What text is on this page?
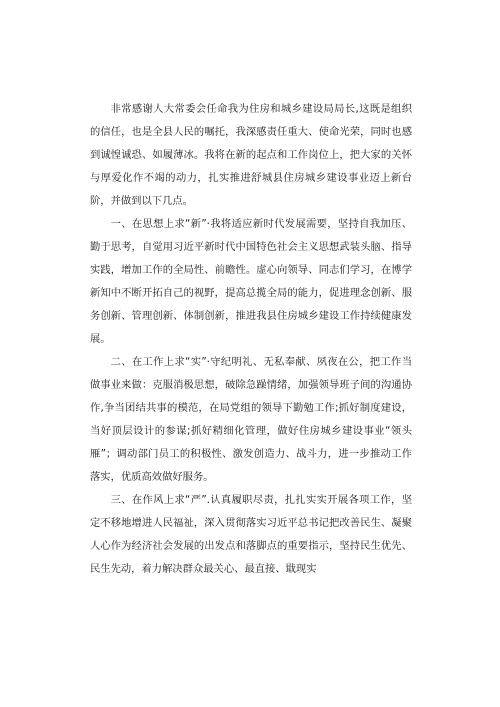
非常感谢人大常委会任命我为住房和城乡建设局局长,这既是组织的信任，也是全县人民的嘱托，我深感责任重大、使命光荣，同时也感到诚惶诚恐、如履薄冰。我将在新的起点和工作岗位上，把大家的关怀与厚爱化作不竭的动力，扎实推进舒城县住房城乡建设事业迈上新台阶，并做到以下几点。

一、在思想上求“新”·我将适应新时代发展需要，坚持自我加压、勤于思考，自觉用习近平新时代中国特色社会主义思想武装头脑、指导实践，增加工作的全局性、前瞻性。虚心向领导、同志们学习，在博学新知中不断开拓自己的视野，提高总揽全局的能力，促进理念创新、服务创新、管理创新、体制创新，推进我县住房城乡建设工作持续健康发展。

二、在工作上求“实”·守纪明礼、无私奉献、夙夜在公，把工作当做事业来做：克服消极思想，破除急躁情绪，加强领导班子间的沟通协作,争当团结共事的模范，在局党组的领导下勤勉工作;抓好制度建设，当好顶层设计的参谋;抓好精细化管理，做好住房城乡建设事业“领头雁”；调动部门员工的积极性、激发创造力、战斗力，进一步推动工作落实，优质高效做好服务。

三、在作风上求“严”.认真履职尽责，扎扎实实开展各项工作，坚定不移地增进人民福祉，深入贯彻落实习近平总书记把改善民生、凝聚人心作为经济社会发展的出发点和落脚点的重要指示，坚持民生优先、民生先动，着力解决群众最关心、最直接、戢现实
